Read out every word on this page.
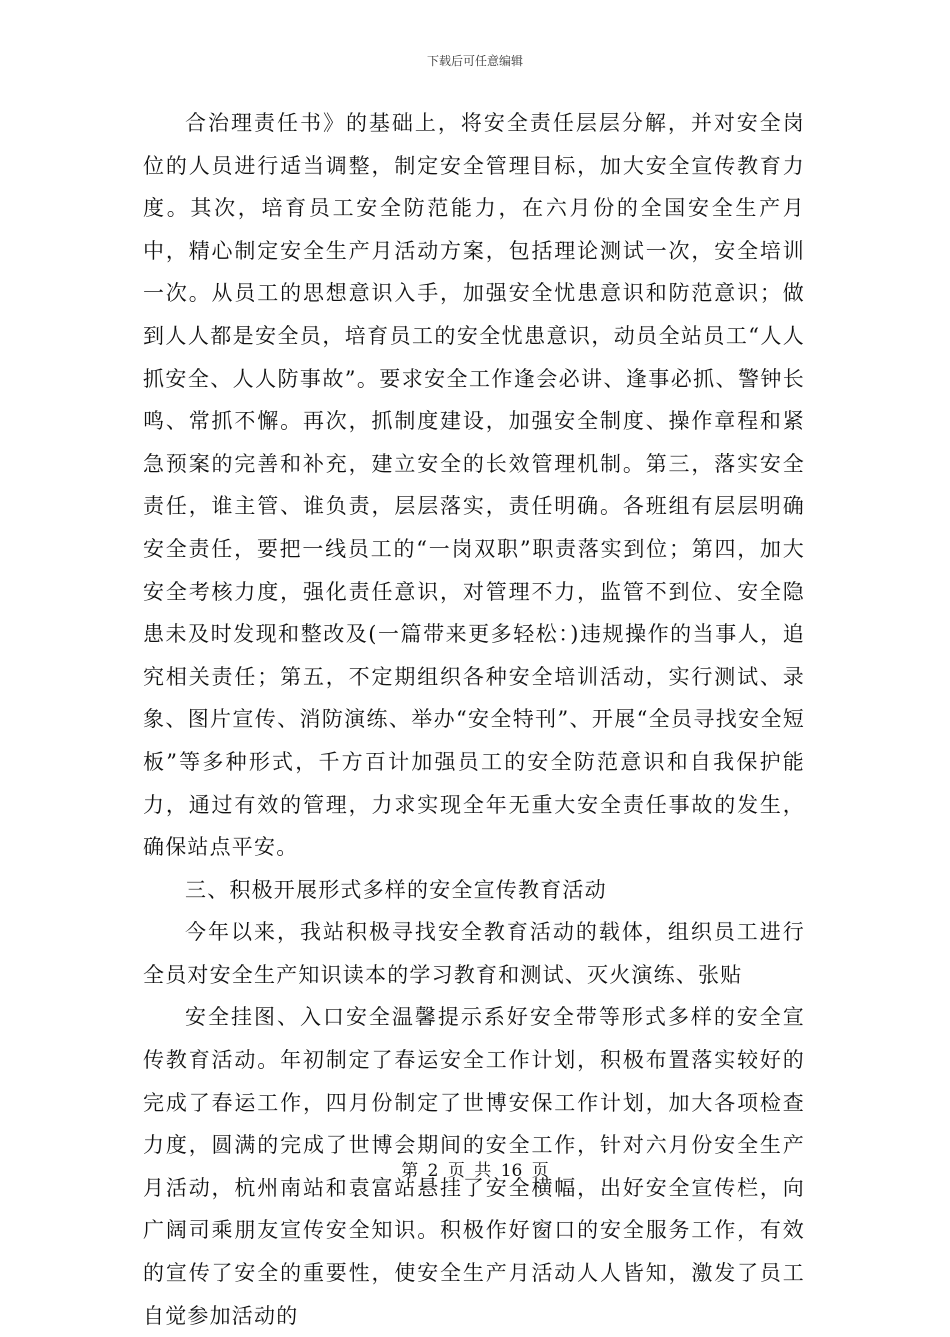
下载后可任意编辑

合治理责任书》的基础上，将安全责任层层分解，并对安全岗位的人员进行适当调整，制定安全管理目标，加大安全宣传教育力度。其次，培育员工安全防范能力，在六月份的全国安全生产月中，精心制定安全生产月活动方案，包括理论测试一次，安全培训一次。从员工的思想意识入手，加强安全忧患意识和防范意识；做到人人都是安全员，培育员工的安全忧患意识，动员全站员工“人人抓安全、人人防事故”。要求安全工作逢会必讲、逢事必抓、警钟长鸣、常抓不懈。再次，抓制度建设，加强安全制度、操作章程和紧急预案的完善和补充，建立安全的长效管理机制。第三，落实安全责任，谁主管、谁负责，层层落实，责任明确。各班组有层层明确安全责任，要把一线员工的“一岗双职”职责落实到位；第四，加大安全考核力度，强化责任意识，对管理不力，监管不到位、安全隐患未及时发现和整改及(一篇带来更多轻松：)违规操作的当事人，追究相关责任；第五，不定期组织各种安全培训活动，实行测试、录象、图片宣传、消防演练、举办“安全特刊”、开展“全员寻找安全短板”等多种形式，千方百计加强员工的安全防范意识和自我保护能力，通过有效的管理，力求实现全年无重大安全责任事故的发生，确保站点平安。

三、积极开展形式多样的安全宣传教育活动

今年以来，我站积极寻找安全教育活动的载体，组织员工进行全员对安全生产知识读本的学习教育和测试、灭火演练、张贴

安全挂图、入口安全温馨提示系好安全带等形式多样的安全宣传教育活动。年初制定了春运安全工作计划，积极布置落实较好的完成了春运工作，四月份制定了世博安保工作计划，加大各项检查力度，圆满的完成了世博会期间的安全工作，针对六月份安全生产月活动，杭州南站和袁富站悬挂了安全横幅，出好安全宣传栏，向广阔司乘朋友宣传安全知识。积极作好窗口的安全服务工作，有效的宣传了安全的重要性，使安全生产月活动人人皆知，激发了员工自觉参加活动的

第 2 页 共 16 页
